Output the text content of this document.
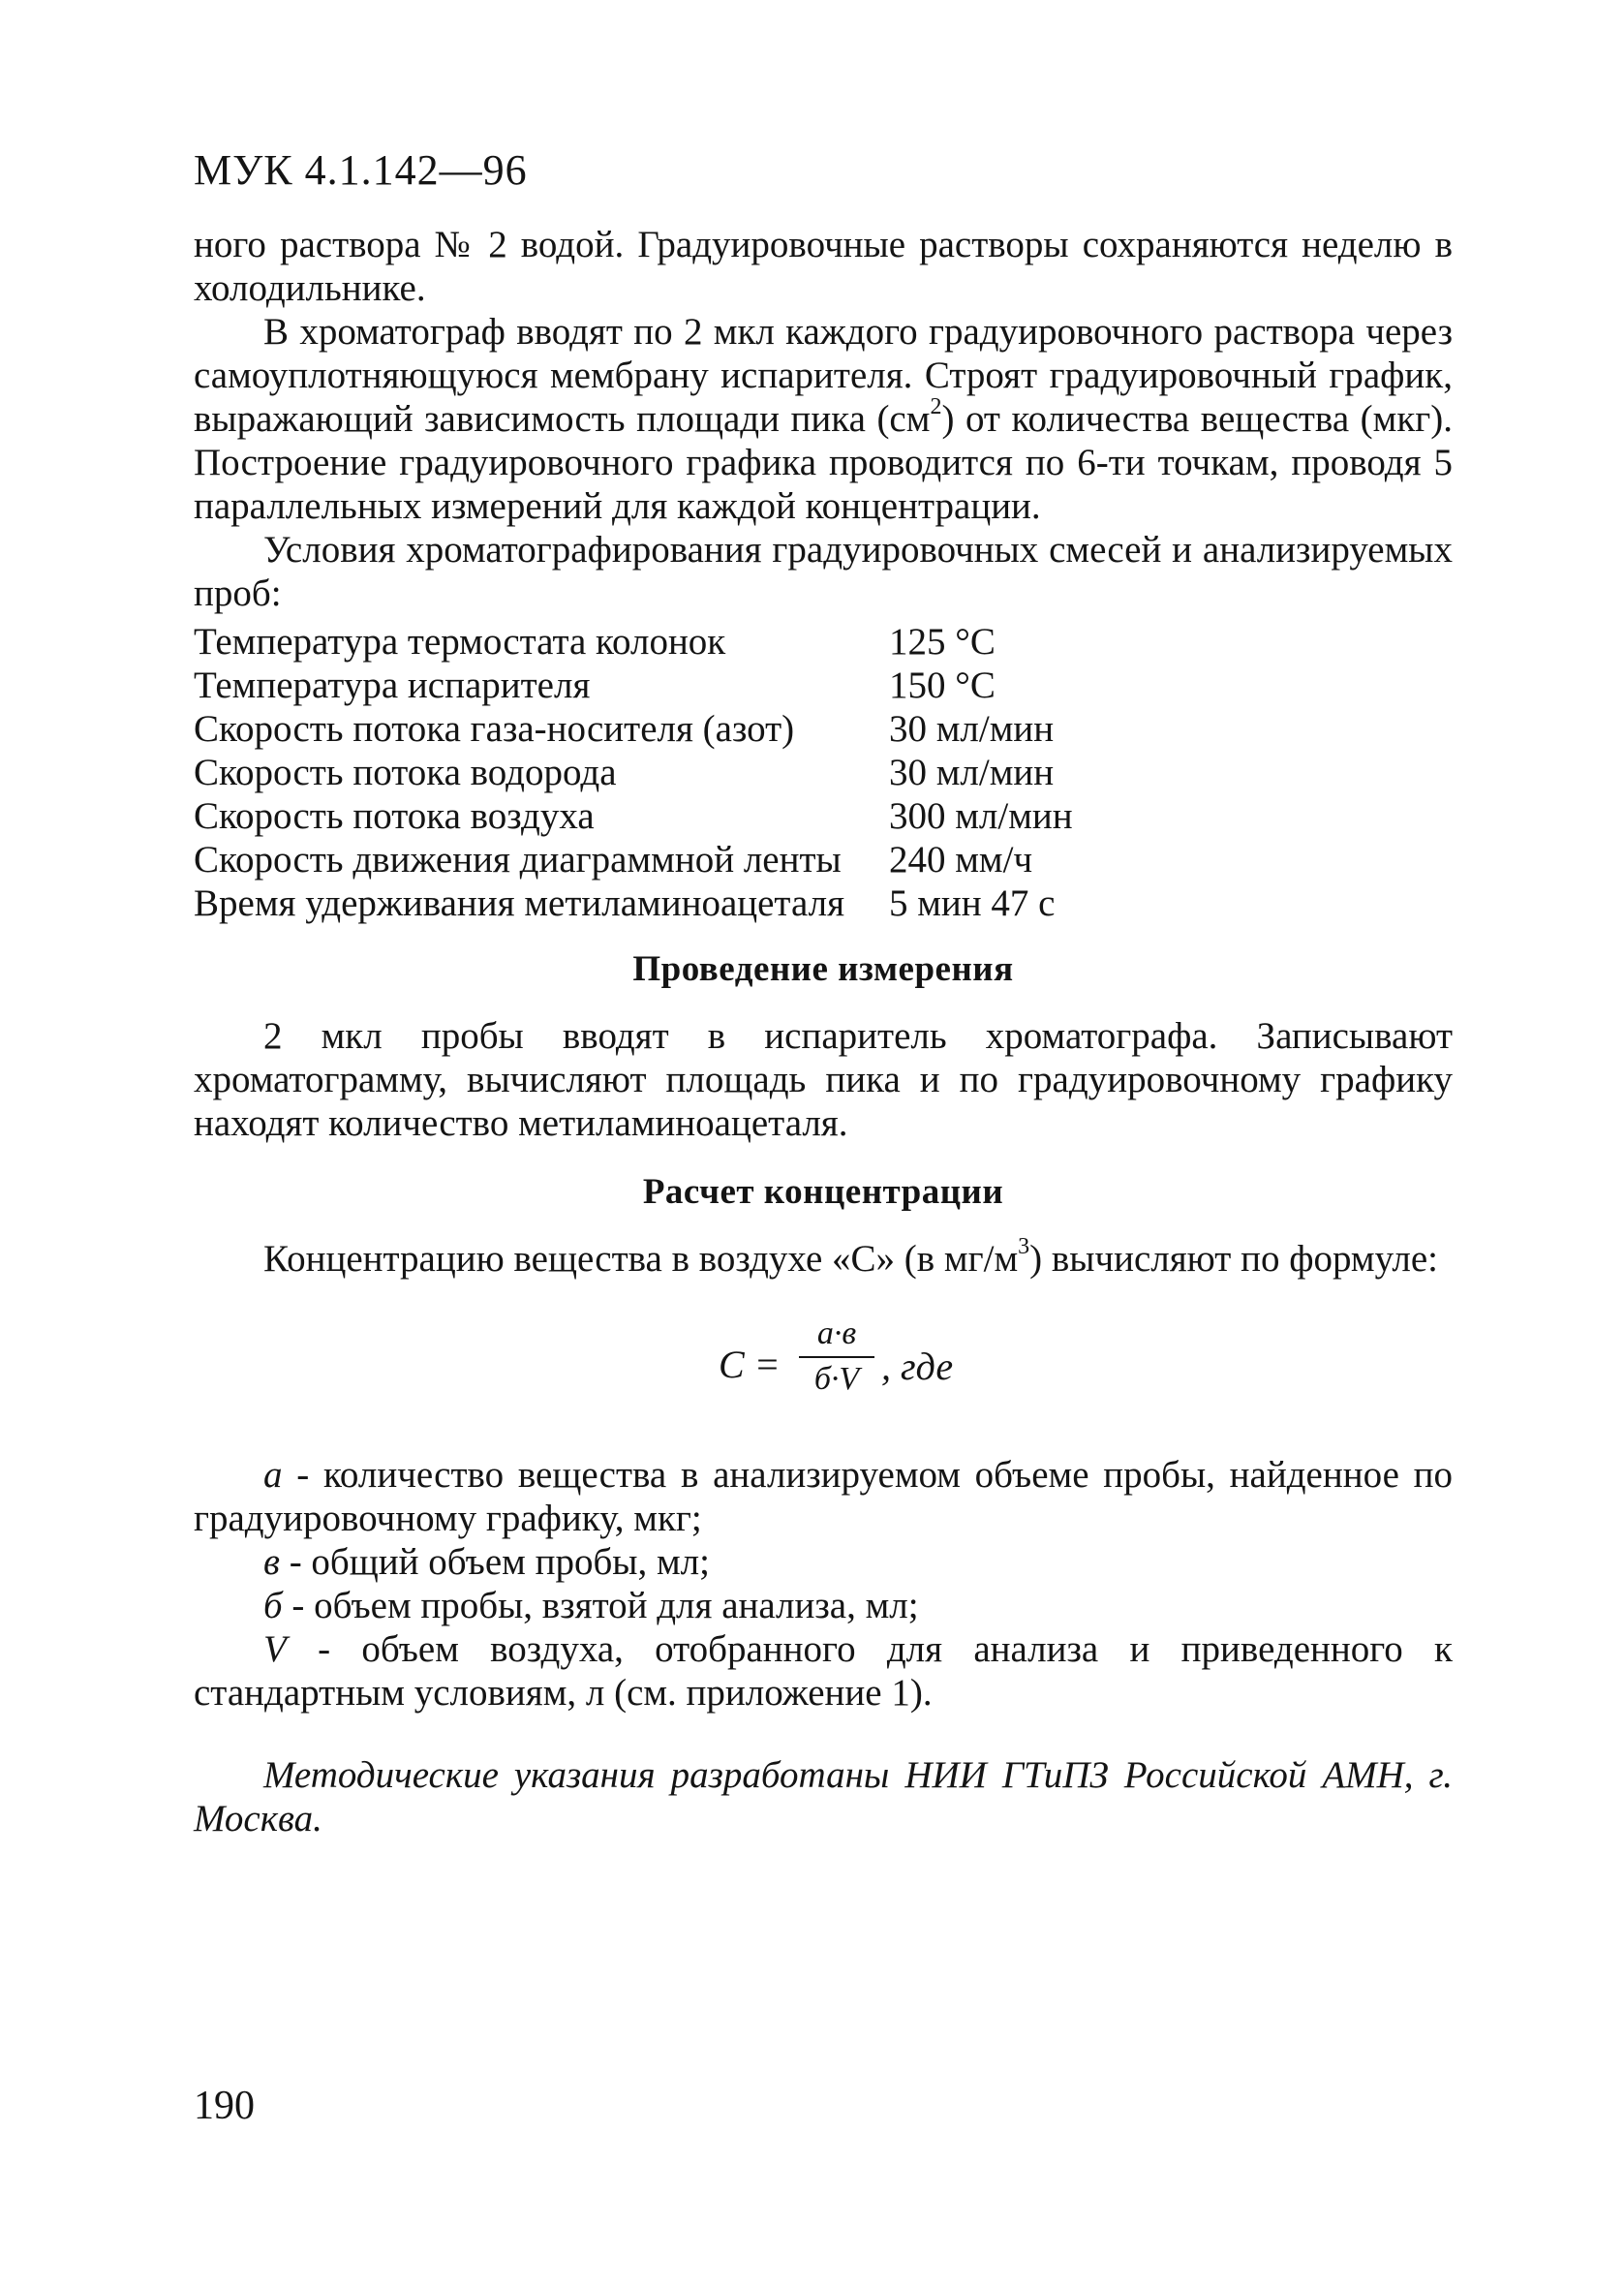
МУК 4.1.142—96

ного раствора № 2 водой. Градуировочные растворы сохраняются неделю в холодильнике.

В хроматограф вводят по 2 мкл каждого градуировочного раствора через самоуплотняющуюся мембрану испарителя. Строят градуировочный график, выражающий зависимость площади пика $(см^2)$ от количества вещества (мкг). Построение градуировочного графика проводится по 6-ти точкам, проводя 5 параллельных измерений для каждой концентрации.

Условия хроматографирования градуировочных смесей и анализируемых проб:

Температура термостата колонок	125 °С
Температура испарителя	150 °С
Скорость потока газа-носителя (азот)	30 мл/мин
Скорость потока водорода	30 мл/мин
Скорость потока воздуха	300 мл/мин
Скорость движения диаграммной ленты	240 мм/ч
Время удерживания метиламиноацеталя	5 мин 47 с
Проведение измерения

2 мкл пробы вводят в испаритель хроматографа. Записывают хроматограмму, вычисляют площадь пика и по градуировочному графику находят количество метиламиноацеталя.

Расчет концентрации

Концентрацию вещества в воздухе «С» (в $мг/м^3$) вычисляют по формуле:

C =
а·в
б·V , где

а - количество вещества в анализируемом объеме пробы, найденное по градуировочному графику, мкг;

в - общий объем пробы, мл;

б - объем пробы, взятой для анализа, мл;

V - объем воздуха, отобранного для анализа и приведенного к стандартным условиям, л (см. приложение 1).

Методические указания разработаны НИИ ГТиПЗ Российской АМН, г. Москва.

190
